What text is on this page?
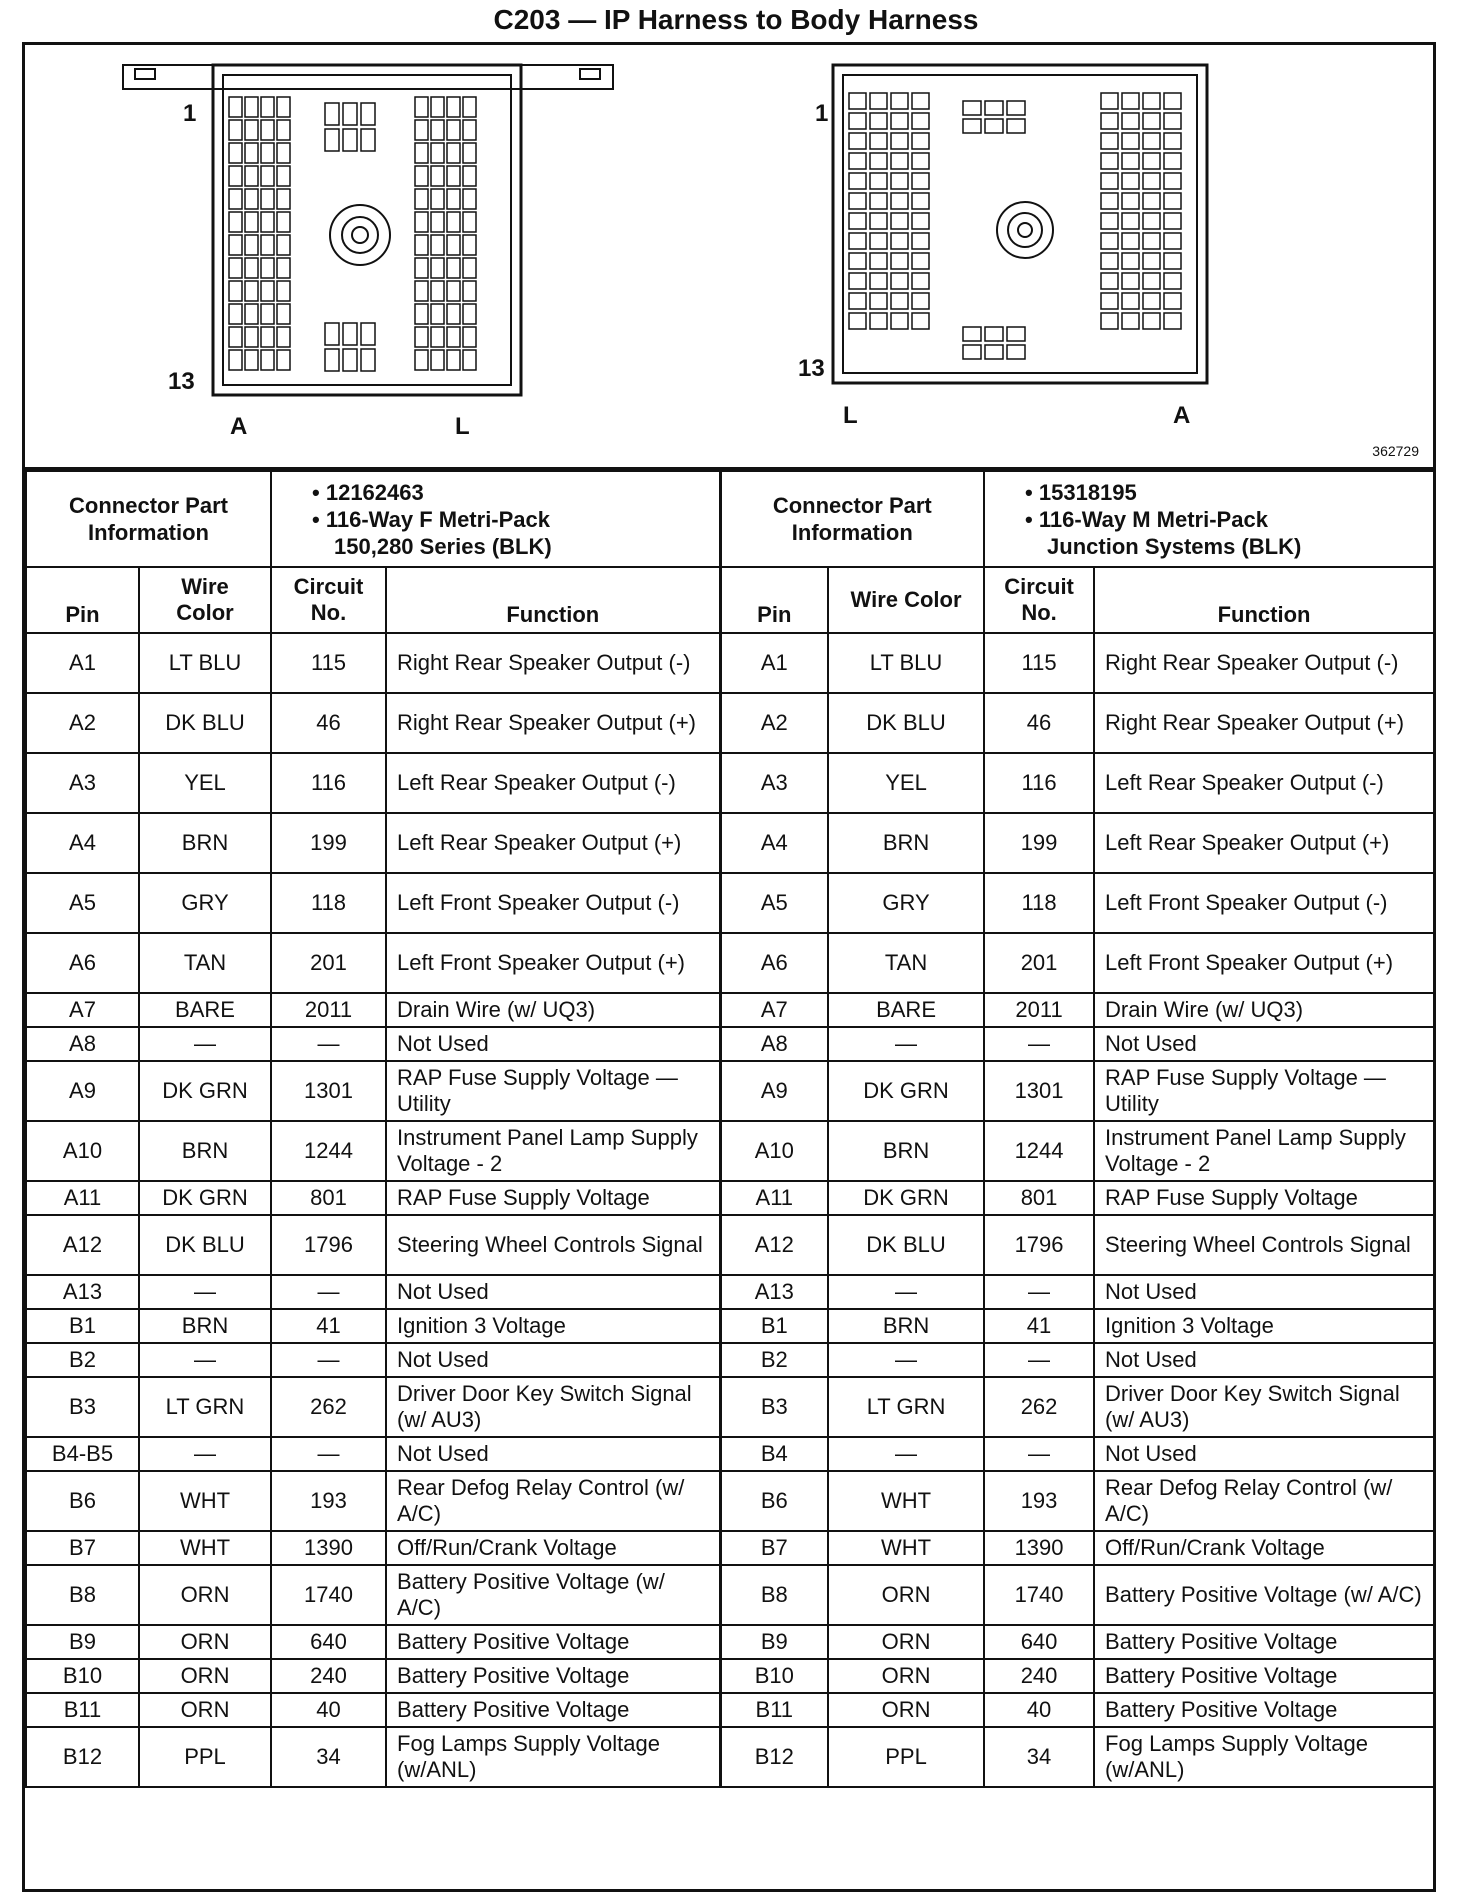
C203 — IP Harness to Body Harness
1
13
A	L
1
13
L	A
362729
Connector Part Information		• 12162463
• 116-Way F Metri-Pack
150,280 Series (BLK)		Connector Part Information		• 15318195
• 116-Way M Metri-Pack
Junction Systems (BLK)	

Pin	Wire Color	Circuit No.	Function	Pin	Wire Color	Circuit No.	Function
A1	LT BLU	115	Right Rear Speaker Output (-)	A1	LT BLU	115	Right Rear Speaker Output (-)
A2	DK BLU	46	Right Rear Speaker Output (+)	A2	DK BLU	46	Right Rear Speaker Output (+)
A3	YEL	116	Left Rear Speaker Output (-)	A3	YEL	116	Left Rear Speaker Output (-)
A4	BRN	199	Left Rear Speaker Output (+)	A4	BRN	199	Left Rear Speaker Output (+)
A5	GRY	118	Left Front Speaker Output (-)	A5	GRY	118	Left Front Speaker Output (-)
A6	TAN	201	Left Front Speaker Output (+)	A6	TAN	201	Left Front Speaker Output (+)
A7	BARE	2011	Drain Wire (w/ UQ3)	A7	BARE	2011	Drain Wire (w/ UQ3)
A8	—	—	Not Used	A8	—	—	Not Used
A9	DK GRN	1301	RAP Fuse Supply Voltage — Utility	A9	DK GRN	1301	RAP Fuse Supply Voltage — Utility
A10	BRN	1244	Instrument Panel Lamp Supply Voltage - 2	A10	BRN	1244	Instrument Panel Lamp Supply Voltage - 2
A11	DK GRN	801	RAP Fuse Supply Voltage	A11	DK GRN	801	RAP Fuse Supply Voltage
A12	DK BLU	1796	Steering Wheel Controls Signal	A12	DK BLU	1796	Steering Wheel Controls Signal
A13	—	—	Not Used	A13	—	—	Not Used
B1	BRN	41	Ignition 3 Voltage	B1	BRN	41	Ignition 3 Voltage
B2	—	—	Not Used	B2	—	—	Not Used
B3	LT GRN	262	Driver Door Key Switch Signal (w/ AU3)	B3	LT GRN	262	Driver Door Key Switch Signal (w/ AU3)
B4-B5	—	—	Not Used	B4	—	—	Not Used
B6	WHT	193	Rear Defog Relay Control (w/ A/C)	B6	WHT	193	Rear Defog Relay Control (w/ A/C)
B7	WHT	1390	Off/Run/Crank Voltage	B7	WHT	1390	Off/Run/Crank Voltage
B8	ORN	1740	Battery Positive Voltage (w/ A/C)	B8	ORN	1740	Battery Positive Voltage (w/ A/C)
B9	ORN	640	Battery Positive Voltage	B9	ORN	640	Battery Positive Voltage
B10	ORN	240	Battery Positive Voltage	B10	ORN	240	Battery Positive Voltage
B11	ORN	40	Battery Positive Voltage	B11	ORN	40	Battery Positive Voltage
B12	PPL	34	Fog Lamps Supply Voltage (w/ANL)	B12	PPL	34	Fog Lamps Supply Voltage (w/ANL)
